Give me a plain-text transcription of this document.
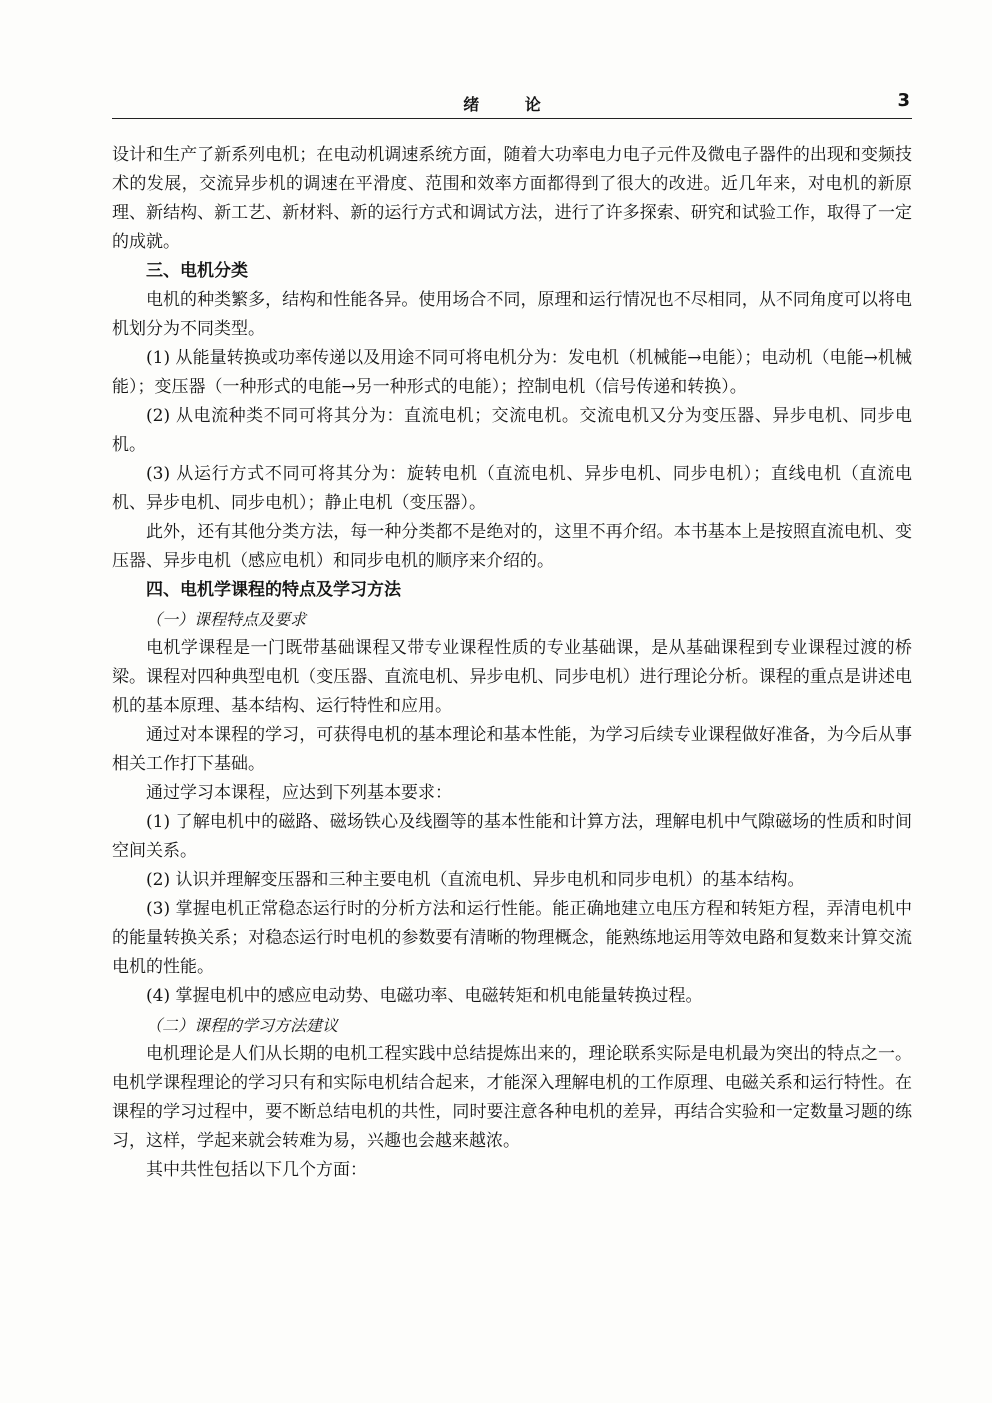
绪 论	3

设计和生产了新系列电机；在电动机调速系统方面，随着大功率电力电子元件及微电子器件的出现和变频技术的发展，交流异步机的调速在平滑度、范围和效率方面都得到了很大的改进。近几年来，对电机的新原理、新结构、新工艺、新材料、新的运行方式和调试方法，进行了许多探索、研究和试验工作，取得了一定的成就。

三、电机分类

电机的种类繁多，结构和性能各异。使用场合不同，原理和运行情况也不尽相同，从不同角度可以将电机划分为不同类型。

(1) 从能量转换或功率传递以及用途不同可将电机分为：发电机（机械能→电能）；电动机（电能→机械能）；变压器（一种形式的电能→另一种形式的电能）；控制电机（信号传递和转换）。
(2) 从电流种类不同可将其分为：直流电机；交流电机。交流电机又分为变压器、异步电机、同步电机。
(3) 从运行方式不同可将其分为：旋转电机（直流电机、异步电机、同步电机）；直线电机（直流电机、异步电机、同步电机）；静止电机（变压器）。

此外，还有其他分类方法，每一种分类都不是绝对的，这里不再介绍。本书基本上是按照直流电机、变压器、异步电机（感应电机）和同步电机的顺序来介绍的。

四、电机学课程的特点及学习方法

（一）课程特点及要求

电机学课程是一门既带基础课程又带专业课程性质的专业基础课，是从基础课程到专业课程过渡的桥梁。课程对四种典型电机（变压器、直流电机、异步电机、同步电机）进行理论分析。课程的重点是讲述电机的基本原理、基本结构、运行特性和应用。

通过对本课程的学习，可获得电机的基本理论和基本性能，为学习后续专业课程做好准备，为今后从事相关工作打下基础。

通过学习本课程，应达到下列基本要求：

(1) 了解电机中的磁路、磁场铁心及线圈等的基本性能和计算方法，理解电机中气隙磁场的性质和时间空间关系。
(2) 认识并理解变压器和三种主要电机（直流电机、异步电机和同步电机）的基本结构。
(3) 掌握电机正常稳态运行时的分析方法和运行性能。能正确地建立电压方程和转矩方程，弄清电机中的能量转换关系；对稳态运行时电机的参数要有清晰的物理概念，能熟练地运用等效电路和复数来计算交流电机的性能。
(4) 掌握电机中的感应电动势、电磁功率、电磁转矩和机电能量转换过程。

（二）课程的学习方法建议

电机理论是人们从长期的电机工程实践中总结提炼出来的，理论联系实际是电机最为突出的特点之一。电机学课程理论的学习只有和实际电机结合起来，才能深入理解电机的工作原理、电磁关系和运行特性。在课程的学习过程中，要不断总结电机的共性，同时要注意各种电机的差异，再结合实验和一定数量习题的练习，这样，学起来就会转难为易，兴趣也会越来越浓。

其中共性包括以下几个方面：
